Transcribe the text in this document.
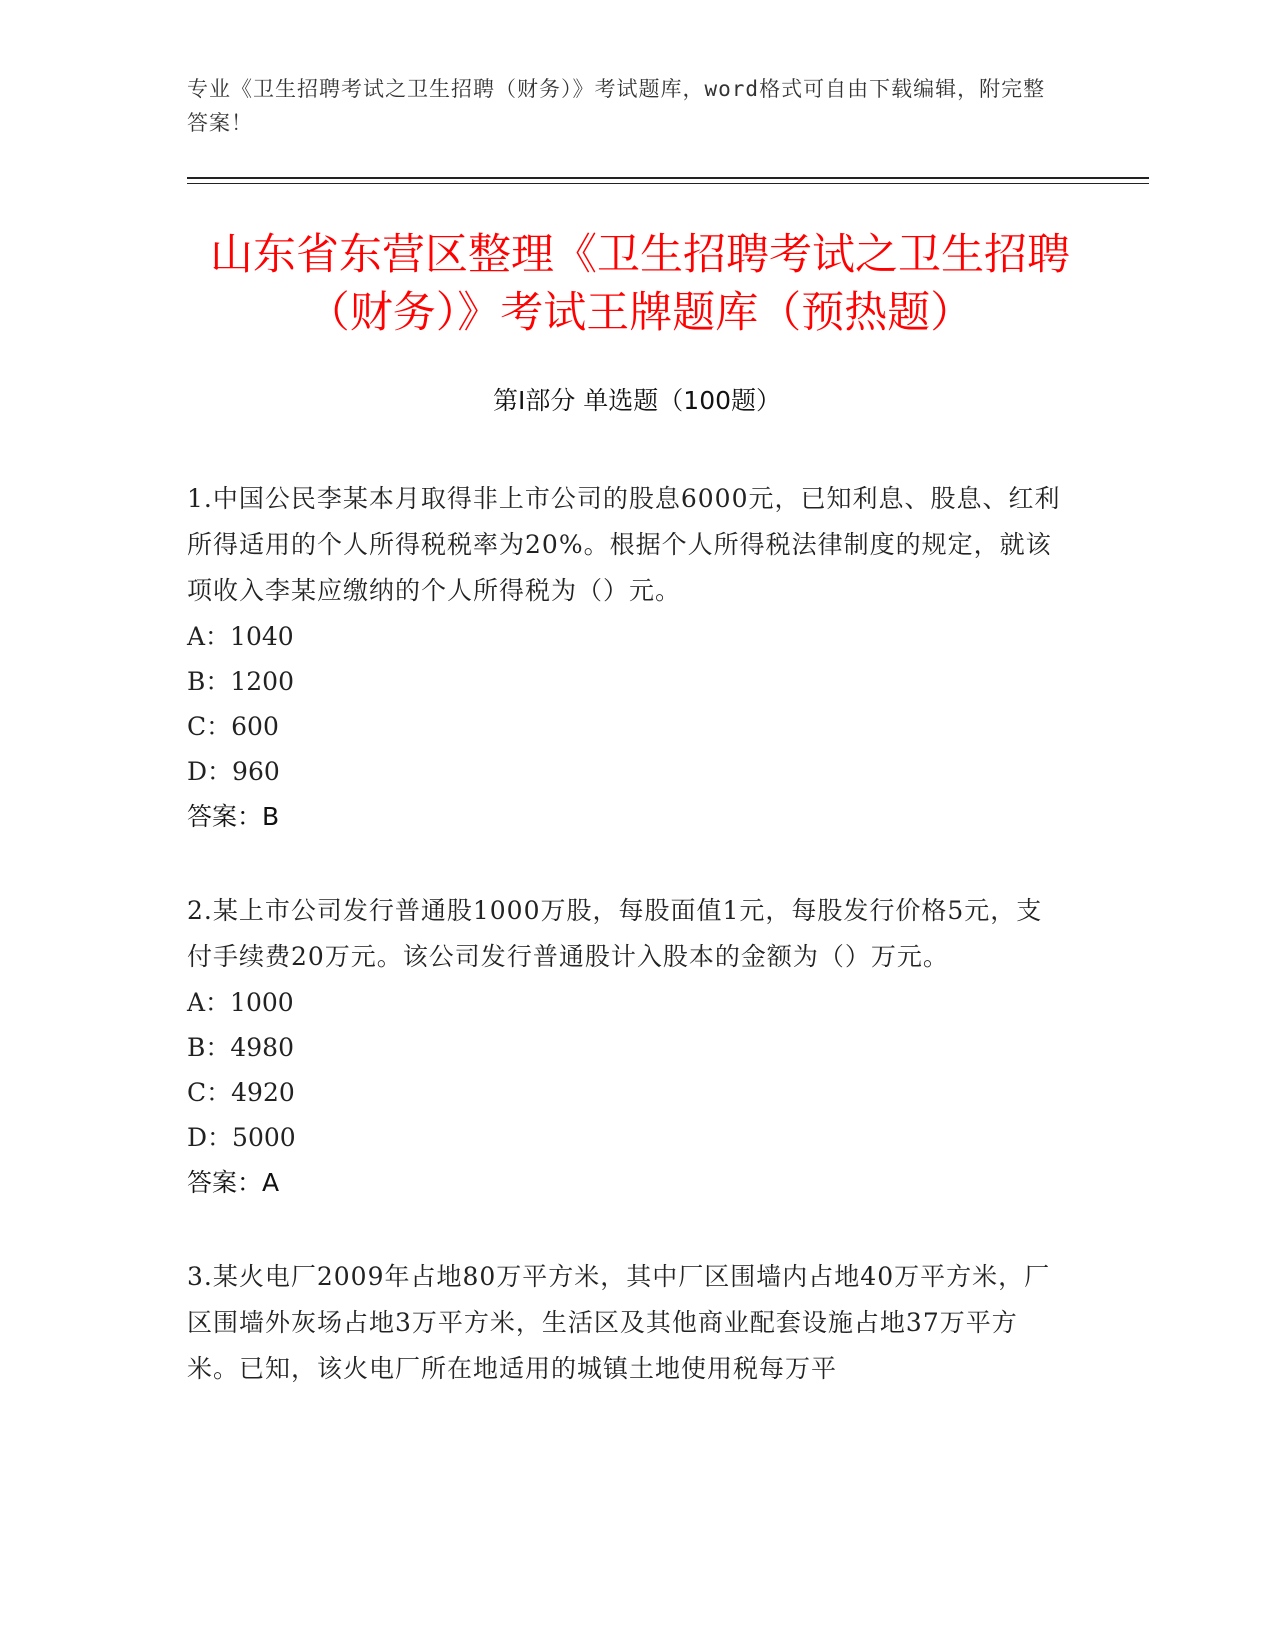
专业《卫生招聘考试之卫生招聘（财务）》考试题库，word格式可自由下载编辑，附完整答案！
山东省东营区整理《卫生招聘考试之卫生招聘（财务）》考试王牌题库（预热题）
第Ⅰ部分 单选题（100题）

1.中国公民李某本月取得非上市公司的股息6000元，已知利息、股息、红利所得适用的个人所得税税率为20%。根据个人所得税法律制度的规定，就该项收入李某应缴纳的个人所得税为（）元。

A：1040

B：1200

C：600

D：960

答案：B

2.某上市公司发行普通股1000万股，每股面值1元，每股发行价格5元，支付手续费20万元。该公司发行普通股计入股本的金额为（）万元。

A：1000

B：4980

C：4920

D：5000

答案：A

3.某火电厂2009年占地80万平方米，其中厂区围墙内占地40万平方米，厂区围墙外灰场占地3万平方米，生活区及其他商业配套设施占地37万平方米。已知，该火电厂所在地适用的城镇土地使用税每万平
